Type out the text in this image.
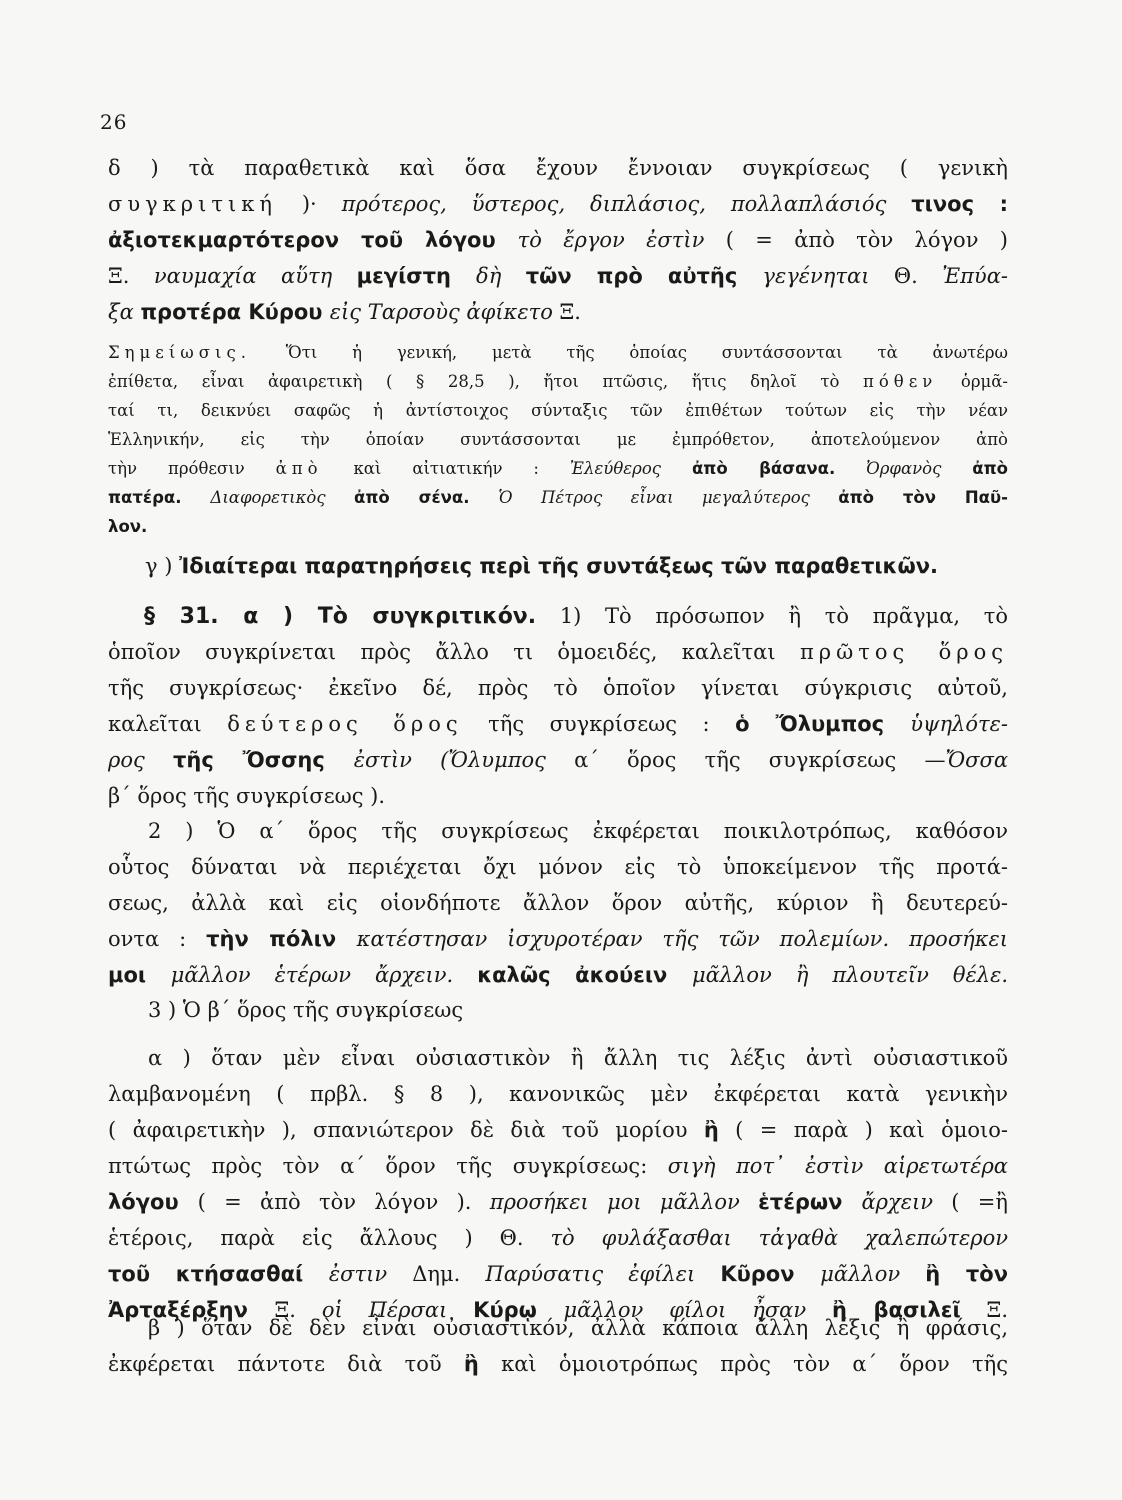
26
δ ) τὰ παραθετικὰ καὶ ὅσα ἔχουν ἔννοιαν συγκρίσεως ( γενικὴ
συγκριτική )· πρότερος, ὕστερος, διπλάσιος, πολλαπλάσιός τινος :
ἀξιοτεκμαρτότερον τοῦ λόγου τὸ ἔργον ἐστὶν ( = ἀπὸ τὸν λόγον )
Ξ. ναυμαχία αὕτη μεγίστη δὴ τῶν πρὸ αὐτῆς γεγένηται Θ. Ἐπύα-
ξα προτέρα Κύρου εἰς Ταρσοὺς ἀφίκετο Ξ.
Σημείωσις. Ὅτι ἡ γενική, μετὰ τῆς ὁποίας συντάσσονται τὰ ἀνωτέρω
ἐπίθετα, εἶναι ἀφαιρετικὴ ( § 28,5 ), ἤτοι πτῶσις, ἥτις δηλοῖ τὸ πόθεν ὁρμᾶ-
ταί τι, δεικνύει σαφῶς ἡ ἀντίστοιχος σύνταξις τῶν ἐπιθέτων τούτων εἰς τὴν νέαν
Ἑλληνικήν, εἰς τὴν ὁποίαν συντάσσονται με ἐμπρόθετον, ἀποτελούμενον ἀπὸ
τὴν πρόθεσιν ἀπὸ καὶ αἰτιατικήν : Ἐλεύθερος ἀπὸ βάσανα. Ὀρφανὸς ἀπὸ
πατέρα. Διαφορετικὸς ἀπὸ σένα. Ὁ Πέτρος εἶναι μεγαλύτερος ἀπὸ τὸν Παῦ-
λον.
γ ) Ἰδιαίτεραι παρατηρήσεις περὶ τῆς συντάξεως τῶν παραθετικῶν.
§ 31. α ) Τὸ συγκριτικόν. 1) Τὸ πρόσωπον ἢ τὸ πρᾶγμα, τὸ
ὁποῖον συγκρίνεται πρὸς ἄλλο τι ὁμοειδές, καλεῖται πρῶτος ὅρος
τῆς συγκρίσεως· ἐκεῖνο δέ, πρὸς τὸ ὁποῖον γίνεται σύγκρισις αὐτοῦ,
καλεῖται δεύτερος ὅρος τῆς συγκρίσεως : ὁ Ὄλυμπος ὑψηλότε-
ρος τῆς Ὄσσης ἐστὶν (Ὄλυμπος α΄ ὅρος τῆς συγκρίσεως —Ὄσσα
β΄ ὅρος τῆς συγκρίσεως ).
2 ) Ὁ α΄ ὅρος τῆς συγκρίσεως ἐκφέρεται ποικιλοτρόπως, καθόσον
οὗτος δύναται νὰ περιέχεται ὄχι μόνον εἰς τὸ ὑποκείμενον τῆς προτά-
σεως, ἀλλὰ καὶ εἰς οἱονδήποτε ἄλλον ὅρον αὐτῆς, κύριον ἢ δευτερεύ-
οντα : τὴν πόλιν κατέστησαν ἰσχυροτέραν τῆς τῶν πολεμίων. προσήκει
μοι μᾶλλον ἑτέρων ἄρχειν. καλῶς ἀκούειν μᾶλλον ἢ πλουτεῖν θέλε.
3 ) Ὁ β΄ ὅρος τῆς συγκρίσεως
α ) ὅταν μὲν εἶναι οὐσιαστικὸν ἢ ἄλλη τις λέξις ἀντὶ οὐσιαστικοῦ
λαμβανομένη ( πρβλ. § 8 ), κανονικῶς μὲν ἐκφέρεται κατὰ γενικὴν
( ἀφαιρετικὴν ), σπανιώτερον δὲ διὰ τοῦ μορίου ἢ ( = παρὰ ) καὶ ὁμοιο-
πτώτως πρὸς τὸν α΄ ὅρον τῆς συγκρίσεως: σιγὴ ποτ᾽ ἐστὶν αἱρετωτέρα
λόγου ( = ἀπὸ τὸν λόγον ). προσήκει μοι μᾶλλον ἑτέρων ἄρχειν ( =ἢ
ἑτέροις, παρὰ εἰς ἄλλους ) Θ. τὸ φυλάξασθαι τἀγαθὰ χαλεπώτερον
τοῦ κτήσασθαί ἐστιν Δημ. Παρύσατις ἐφίλει Κῦρον μᾶλλον ἢ τὸν
Ἀρταξέρξην Ξ. οἱ Πέρσαι Κύρῳ μᾶλλον φίλοι ἦσαν ἢ βασιλεῖ Ξ.
β ) ὅταν δὲ δὲν εἶναι οὐσιαστικόν, ἀλλὰ κάποια ἄλλη λέξις ἢ φράσις,
ἐκφέρεται πάντοτε διὰ τοῦ ἢ καὶ ὁμοιοτρόπως πρὸς τὸν α΄ ὅρον τῆς
